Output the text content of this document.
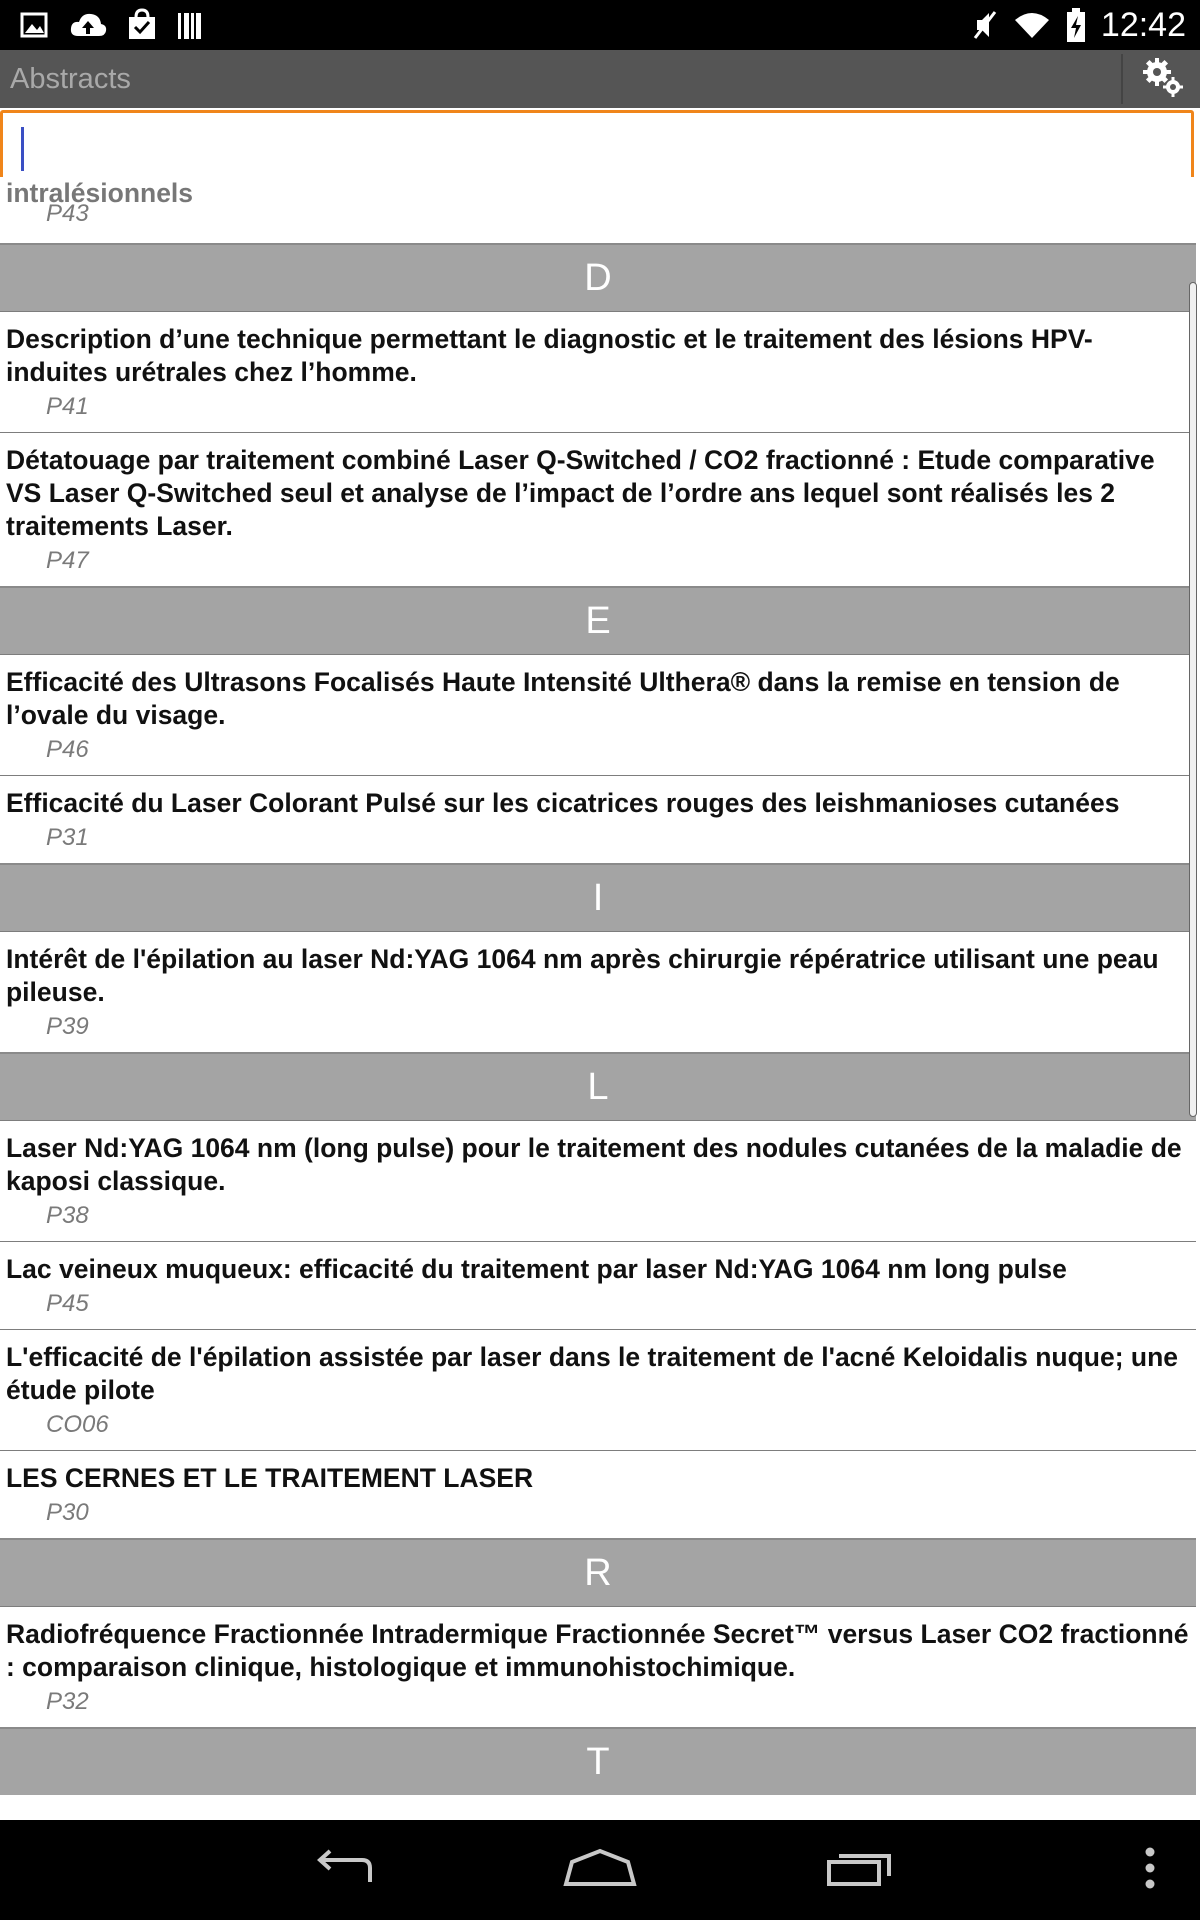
12:42
Abstracts
intralésionnels
P43
D
Description d’une technique permettant le diagnostic et le traitement des lésions HPV-induites urétrales chez l’homme.
P41
Détatouage par traitement combiné Laser Q-Switched / CO2 fractionné : Etude comparative VS Laser Q-Switched seul et analyse de l’impact de l’ordre ans lequel sont réalisés les 2 traitements Laser.
P47
E
Efficacité des Ultrasons Focalisés Haute Intensité Ulthera® dans la remise en tension de l’ovale du visage.
P46
Efficacité du Laser Colorant Pulsé sur les cicatrices rouges des leishmanioses cutanées
P31
I
Intérêt de l'épilation au laser Nd:YAG 1064 nm après chirurgie répératrice utilisant une peau pileuse.
P39
L
Laser Nd:YAG 1064 nm (long pulse) pour le traitement des nodules cutanées de la maladie de kaposi classique.
P38
Lac veineux muqueux: efficacité du traitement par laser Nd:YAG 1064 nm long pulse
P45
L'efficacité de l'épilation assistée par laser dans le traitement de l'acné Keloidalis nuque; une étude pilote
CO06
LES CERNES ET LE TRAITEMENT LASER
P30
R
Radiofréquence Fractionnée Intradermique Fractionnée Secret™ versus Laser CO2 fractionné : comparaison clinique, histologique et immunohistochimique.
P32
T
